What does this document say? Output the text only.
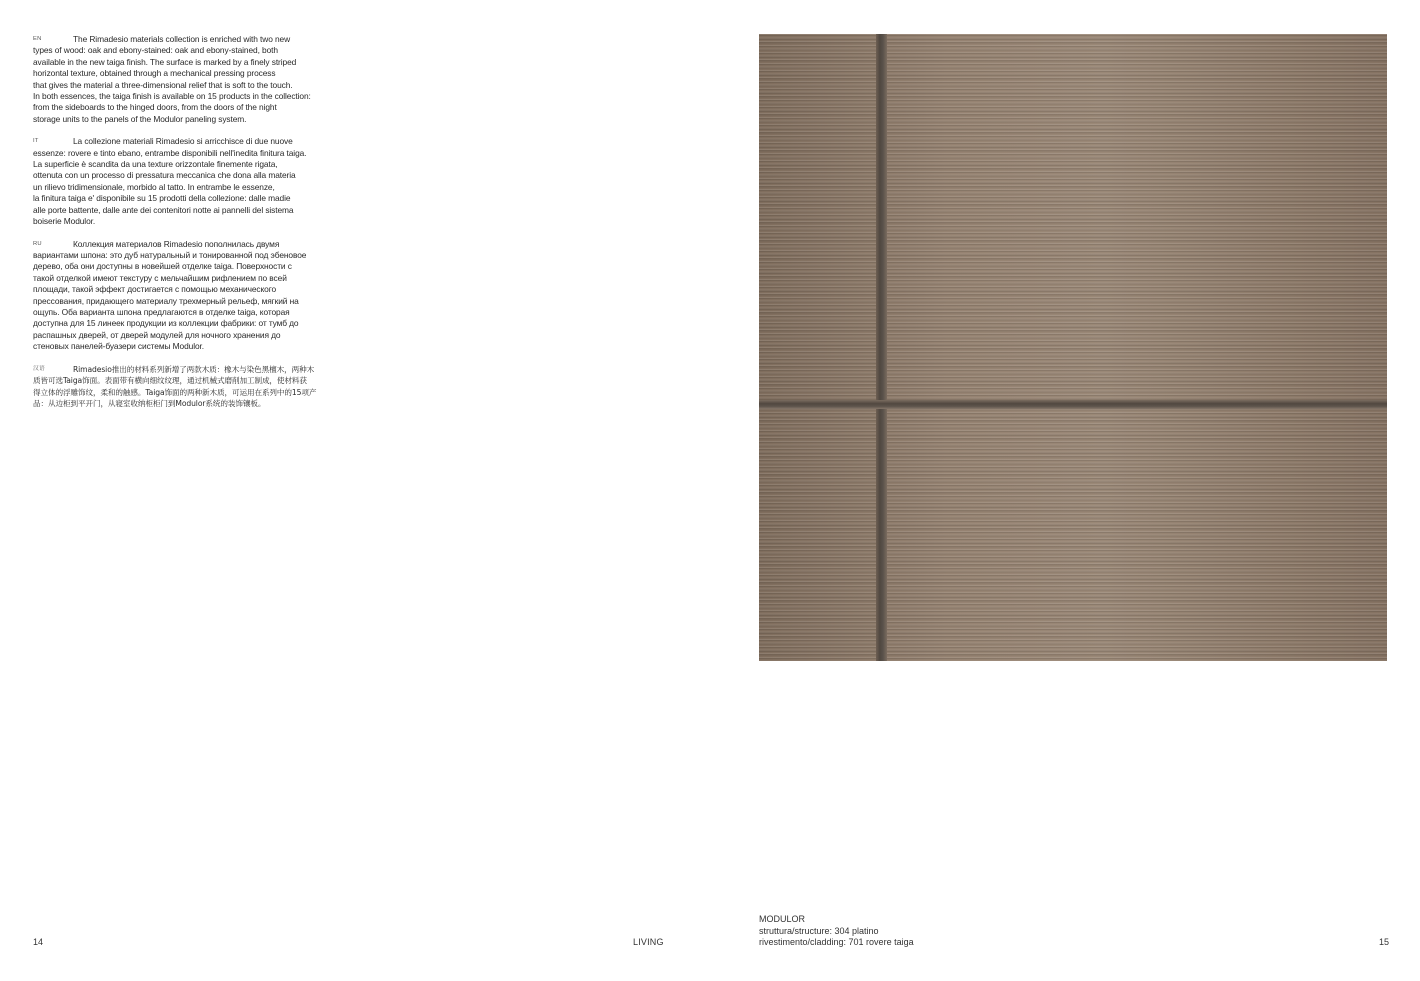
EN	The Rimadesio materials collection is enriched with two new
types of wood: oak and ebony-stained: oak and ebony-stained, both
available in the new taiga finish. The surface is marked by a finely striped
horizontal texture, obtained through a mechanical pressing process
that gives the material a three-dimensional relief that is soft to the touch.
In both essences, the taiga finish is available on 15 products in the collection:
from the sideboards to the hinged doors, from the doors of the night
storage units to the panels of the Modulor paneling system.

IT	La collezione materiali Rimadesio si arricchisce di due nuove
essenze: rovere e tinto ebano, entrambe disponibili nell'inedita finitura taiga.
La superficie è scandita da una texture orizzontale finemente rigata,
ottenuta con un processo di pressatura meccanica che dona alla materia
un rilievo tridimensionale, morbido al tatto. In entrambe le essenze,
la finitura taiga e' disponibile su 15 prodotti della collezione: dalle madie
alle porte battente, dalle ante dei contenitori notte ai pannelli del sistema
boiserie Modulor.

RU	Коллекция материалов Rimadesio пополнилась двумя
вариантами шпона: это дуб натуральный и тонированной под эбеновое
дерево, оба они доступны в новейшей отделке taiga. Поверхности с
такой отделкой имеют текстуру с мельчайшим рифлением по всей
площади, такой эффект достигается с помощью механического
прессования, придающего материалу трехмерный рельеф, мягкий на
ощупь. Оба варианта шпона предлагаются в отделке taiga, которая
доступна для 15 линеек продукции из коллекции фабрики: от тумб до
распашных дверей, от дверей модулей для ночного хранения до
стеновых панелей-буазери системы Modulor.

汉语	Rimadesio推出的材料系列新增了两款木质：橡木与染色黑檀木，两种木
质皆可选Taiga饰面。表面带有横向细纹纹理，通过机械式磨削加工制成，使材料获
得立体的浮雕饰纹，柔和的触感。Taiga饰面的两种新木质，可运用在系列中的15项产
品：从边柜到平开门，从寝室收纳柜柜门到Modulor系统的装饰镶板。

14	LIVING
MODULOR
struttura/structure: 304 platino
rivestimento/cladding: 701 rovere taiga	15
